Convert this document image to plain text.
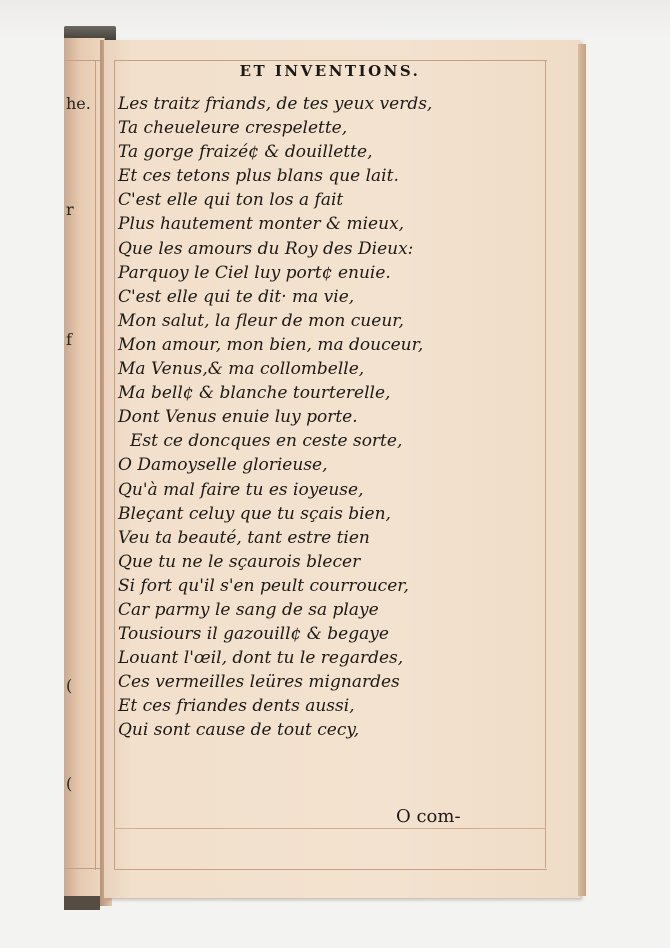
he.
r
f
(
(
ET INVENTIONS.
Les traitz friands, de tes yeux verds,
Ta cheueleure crespelette,
Ta gorge fraizé¢ & douillette,
Et ces tetons plus blans que lait.
C'est elle qui ton los a fait
Plus hautement monter & mieux,
Que les amours du Roy des Dieux:
Parquoy le Ciel luy port¢ enuie.
C'est elle qui te dit· ma vie,
Mon salut, la fleur de mon cueur,
Mon amour, mon bien, ma douceur,
Ma Venus,& ma collombelle,
Ma bell¢ & blanche tourterelle,
Dont Venus enuie luy porte.
Est ce doncques en ceste sorte,
O Damoyselle glorieuse,
Qu'à mal faire tu es ioyeuse,
Bleçant celuy que tu sçais bien,
Veu ta beauté, tant estre tien
Que tu ne le sçaurois blecer
Si fort qu'il s'en peult courroucer,
Car parmy le sang de sa playe
Tousiours il gazouill¢ & begaye
Louant l'œil, dont tu le regardes,
Ces vermeilles leüres mignardes
Et ces friandes dents aussi,
Qui sont cause de tout cecy,
O com-
